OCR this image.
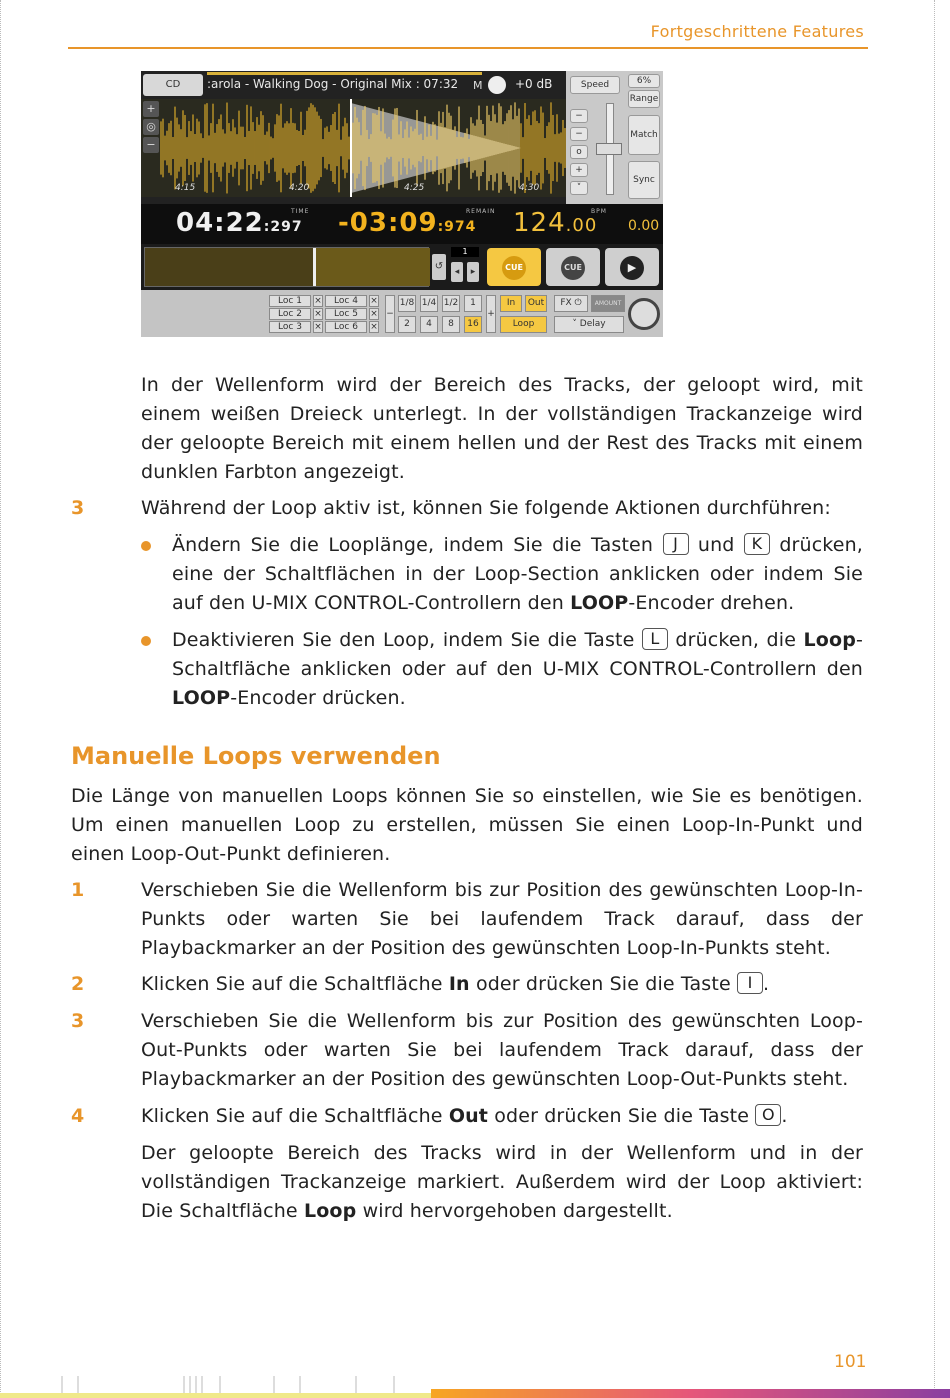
Fortgeschrittene Features
CD	:arola - Walking Dog - Original Mix : 07:32	M	+0 dB
+
◎
−
4:15	4:20	4:25	4:30
Speed	6%
Range
−
−
o
+
˅
Match
Sync
TIME
04:22:297
REMAIN
-03:09:974
BPM
124.00 0.00
↺
1
◂	▸	CUE	CUE	▶
Loc 1	×	Loc 4	×
Loc 2	×	Loc 5	×
Loc 3	×	Loc 6	×
−
1/8 1/4 1/2	1
2	4	8	16
+
In	Out
Loop
FX ⏻	AMOUNT
˅ Delay
In der Wellenform wird der Bereich des Tracks, der geloopt wird, mit einem weißen Dreieck unterlegt. In der vollständigen Trackanzeige wird der geloopte Bereich mit einem hellen und der Rest des Tracks mit einem dunklen Farbton angezeigt.
3	Während der Loop aktiv ist, können Sie folgende Aktionen durchführen:
Ändern Sie die Looplänge, indem Sie die Tasten J und K drücken, eine der Schaltflächen in der Loop-Section anklicken oder indem Sie auf den U-MIX CONTROL-Controllern den LOOP-Encoder drehen.
Deaktivieren Sie den Loop, indem Sie die Taste L drücken, die Loop-Schaltfläche anklicken oder auf den U-MIX CONTROL-Controllern den LOOP-Encoder drücken.
Manuelle Loops verwenden
Die Länge von manuellen Loops können Sie so einstellen, wie Sie es benötigen. Um einen manuellen Loop zu erstellen, müssen Sie einen Loop-In-Punkt und einen Loop-Out-Punkt definieren.
1	Verschieben Sie die Wellenform bis zur Position des gewünschten Loop-In-Punkts oder warten Sie bei laufendem Track darauf, dass der Playbackmarker an der Position des gewünschten Loop-In-Punkts steht.
2	Klicken Sie auf die Schaltfläche In oder drücken Sie die Taste I .
3	Verschieben Sie die Wellenform bis zur Position des gewünschten Loop-Out-Punkts oder warten Sie bei laufendem Track darauf, dass der Playbackmarker an der Position des gewünschten Loop-Out-Punkts steht.
4	Klicken Sie auf die Schaltfläche Out oder drücken Sie die Taste O .
Der geloopte Bereich des Tracks wird in der Wellenform und in der vollständigen Trackanzeige markiert. Außerdem wird der Loop aktiviert: Die Schaltfläche Loop wird hervorgehoben dargestellt.
101
